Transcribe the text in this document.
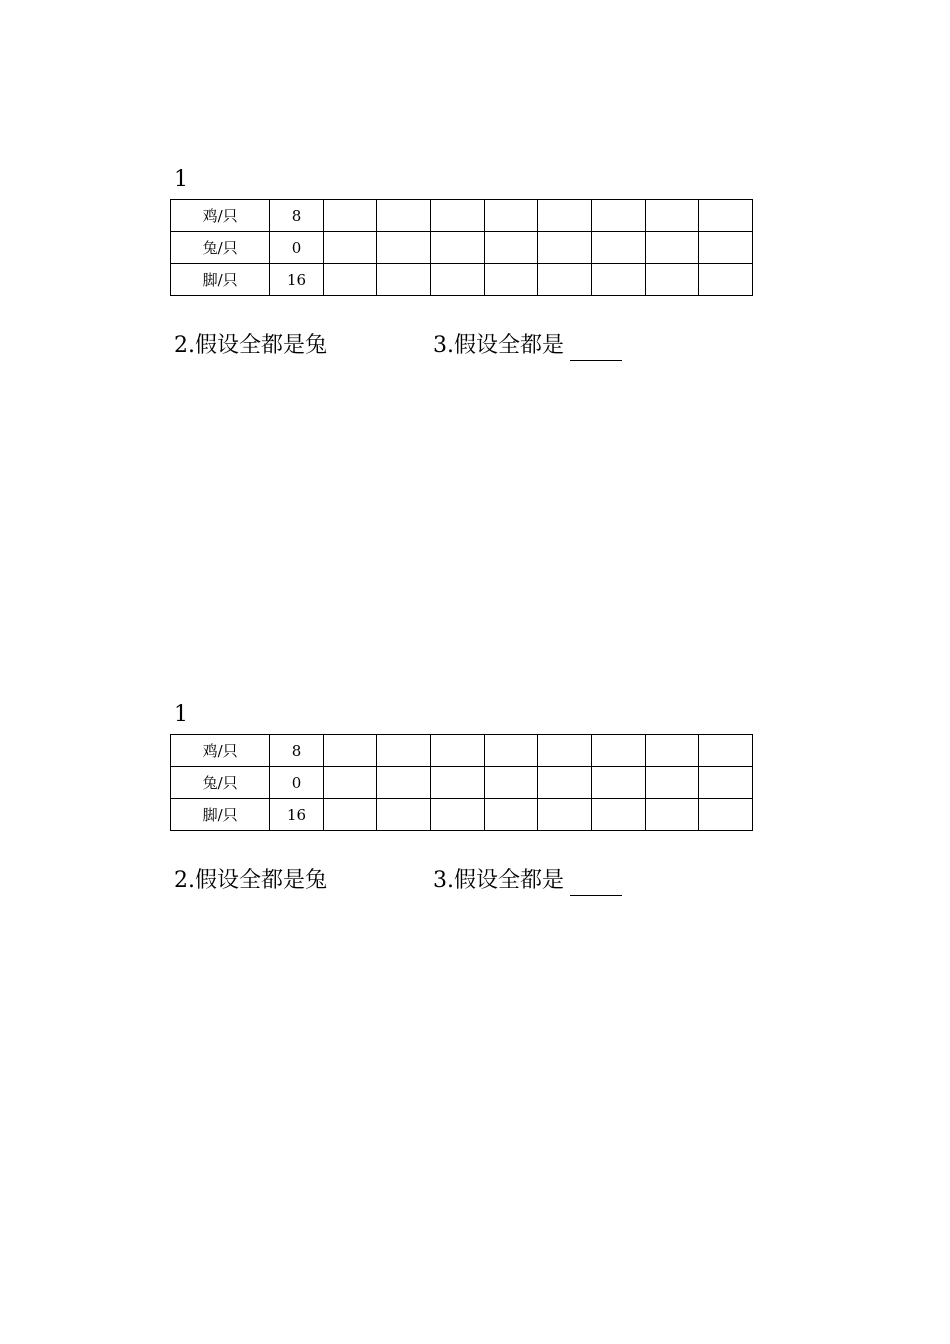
1
鸡/只	8								
兔/只	0								
脚/只	16								
2.假设全都是兔	3.假设全都是
1
鸡/只	8								
兔/只	0								
脚/只	16								
2.假设全都是兔	3.假设全都是
